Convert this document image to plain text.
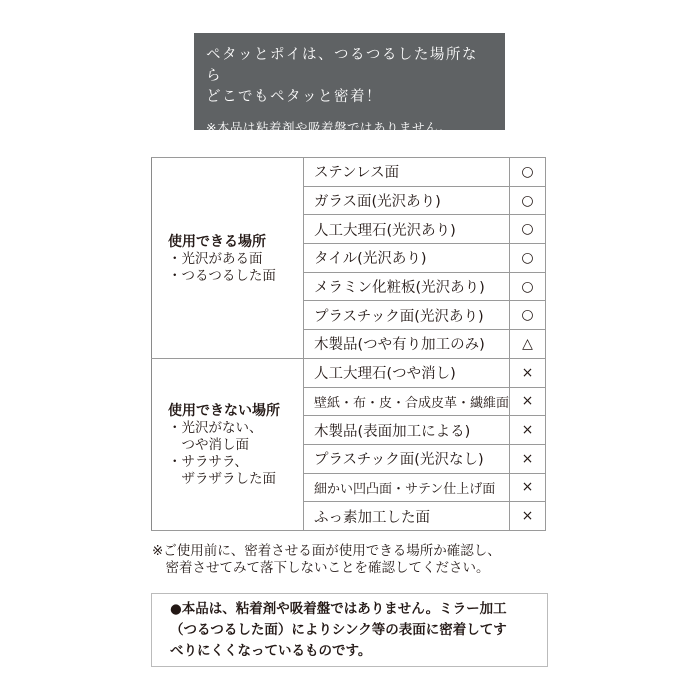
ペタッとポイは、つるつるした場所なら
どこでもペタッと密着！
※本品は粘着剤や吸着盤ではありません。
使用できる場所
・光沢がある面
・つるつるした面	ステンレス面	○
	ガラス面(光沢あり)	○
	人工大理石(光沢あり)	○
	タイル(光沢あり)	○
	メラミン化粧板(光沢あり)	○
	プラスチック面(光沢あり)	○
	木製品(つや有り加工のみ)	△

使用できない場所
・光沢がない、
　つや消し面
・サラサラ、
　ザラザラした面	人工大理石(つや消し)	×
	壁紙・布・皮・合成皮革・繊維面	×
	木製品(表面加工による)	×
	プラスチック面(光沢なし)	×
	細かい凹凸面・サテン仕上げ面	×
	ふっ素加工した面	×
※ご使用前に、密着させる面が使用できる場所か確認し、
　密着させてみて落下しないことを確認してください。
●本品は、粘着剤や吸着盤ではありません。ミラー加工
（つるつるした面）によりシンク等の表面に密着してす
べりにくくなっているものです。
